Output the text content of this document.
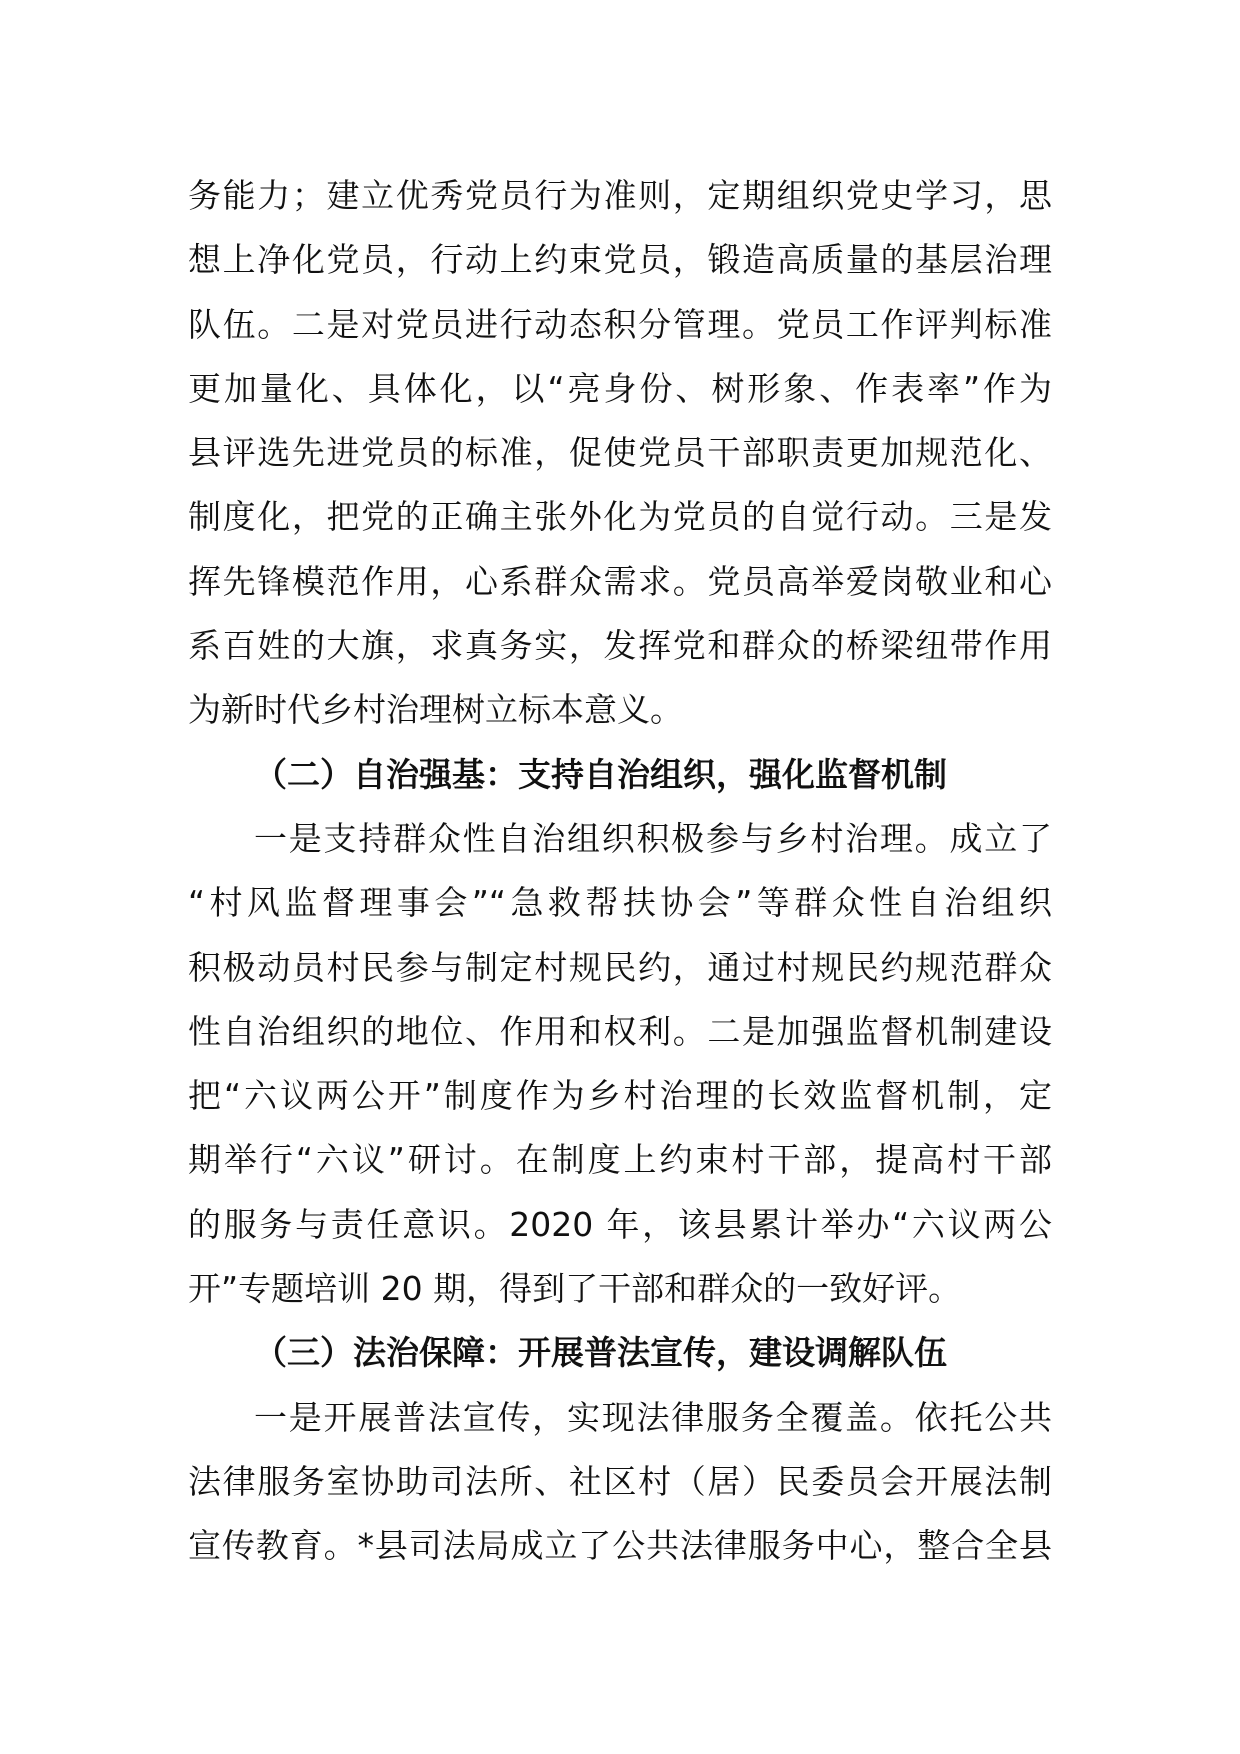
务能力；建立优秀党员行为准则，定期组织党史学习，思
想上净化党员，行动上约束党员，锻造高质量的基层治理
队伍。二是对党员进行动态积分管理。党员工作评判标准
更加量化、具体化，以“亮身份、树形象、作表率”作为
县评选先进党员的标准，促使党员干部职责更加规范化、
制度化，把党的正确主张外化为党员的自觉行动。三是发
挥先锋模范作用，心系群众需求。党员高举爱岗敬业和心
系百姓的大旗，求真务实，发挥党和群众的桥梁纽带作用
为新时代乡村治理树立标本意义。
（二）自治强基：支持自治组织，强化监督机制
一是支持群众性自治组织积极参与乡村治理。成立了
“村风监督理事会”“急救帮扶协会”等群众性自治组织
积极动员村民参与制定村规民约，通过村规民约规范群众
性自治组织的地位、作用和权利。二是加强监督机制建设
把“六议两公开”制度作为乡村治理的长效监督机制，定
期举行“六议”研讨。在制度上约束村干部，提高村干部
的服务与责任意识。2020 年，该县累计举办“六议两公
开”专题培训 20 期，得到了干部和群众的一致好评。
（三）法治保障：开展普法宣传，建设调解队伍
一是开展普法宣传，实现法律服务全覆盖。依托公共
法律服务室协助司法所、社区村（居）民委员会开展法制
宣传教育。*县司法局成立了公共法律服务中心，整合全县
